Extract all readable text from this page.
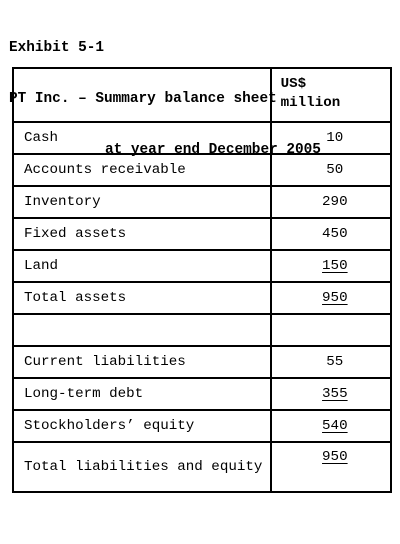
Exhibit 5-1

PT Inc. – Summary balance sheet

at year end December 2005

	US$
million

Cash	10
Accounts receivable	50
Inventory	290
Fixed assets	450
Land	150
Total assets	950

Current liabilities	55
Long-term debt	355
Stockholders’ equity	540
Total liabilities and equity	950
